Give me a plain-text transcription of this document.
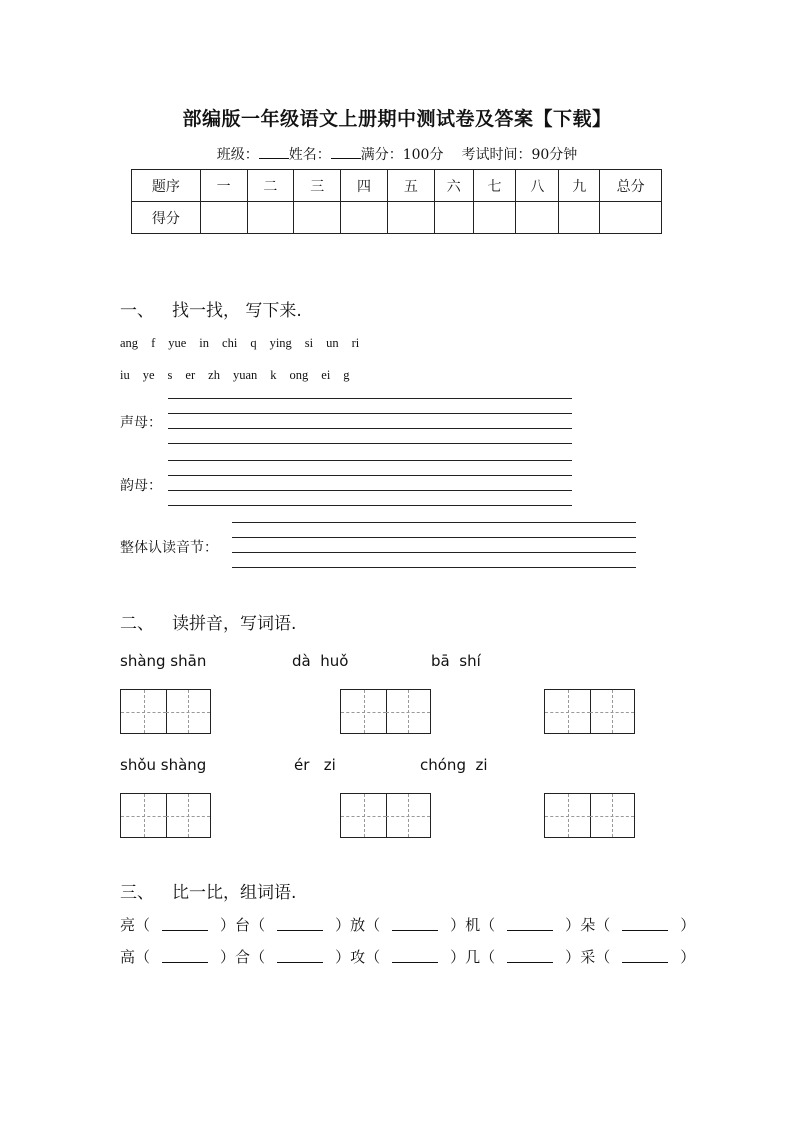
部编版一年级语文上册期中测试卷及答案【下载】
班级： 姓名： 满分：100分 考试时间：90分钟
题序	一	二	三	四	五	六	七	八	九	总分
得分										
一、 找一找， 写下来.
ang f yue in chi q ying si un ri
iu ye s er zh yuan k ong ei g
声母：
韵母：
整体认读音节：
二、 读拼音，写词语.
shàng shān	dà  huǒ	bā  shí
shǒu shàng	ér   zi	chóng  zi
三、 比一比，组词语.
亮（	）台（	）放（	）机（	）朵（	）
高（	）合（	）攻（	）几（	）采（	）
